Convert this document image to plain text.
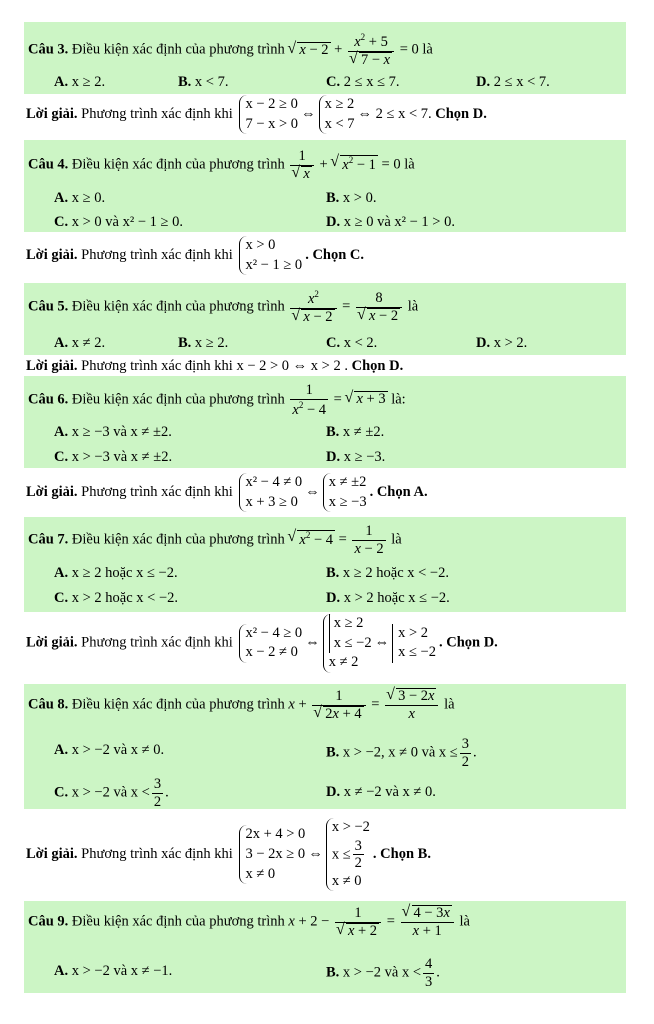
Câu 3. Điều kiện xác định của phương trình √ $x - 2 + x^2 + 5$
√ 7 − x = 0 là
A. x ≥ 2.	B. x < 7.	C. 2 ≤ x ≤ 7.	D. 2 ≤ x < 7.
Lời giải. Phương trình xác định khi
x − 2 ≥ 0
7 − x > 0
⇔
x ≥ 2
x < 7
⇔ 2 ≤ x < 7. Chọn D.
Câu 4. Điều kiện xác định của phương trình 1
√ x + √ $x^2 - 1 = 0$ là
A. x ≥ 0.	B. x > 0.
C. x > 0 và x² − 1 ≥ 0.	D. x ≥ 0 và x² − 1 > 0.
Lời giải. Phương trình xác định khi
x > 0
x² − 1 ≥ 0
. Chọn C.
Câu 5. Điều kiện xác định của phương trình $x^2$
√ x − 2 = 8
√ x − 2 là
A. x ≠ 2.	B. x ≥ 2.	C. x < 2.	D. x > 2.
Lời giải. Phương trình xác định khi x − 2 > 0 ⇔ x > 2 . Chọn D.
Câu 6. Điều kiện xác định của phương trình $\frac{1}{x^2 - 4}$ = √ x + 3 là:
A. x ≥ −3 và x ≠ ±2.	B. x ≠ ±2.
C. x > −3 và x ≠ ±2.	D. x ≥ −3.
Lời giải. Phương trình xác định khi
x² − 4 ≠ 0
x + 3 ≥ 0
⇔
x ≠ ±2
x ≥ −3
. Chọn A.
Câu 7. Điều kiện xác định của phương trình √ $x^2 - 4 = \frac{1}{x - 2}$ là
A. x ≥ 2 hoặc x ≤ −2.	B. x ≥ 2 hoặc x < −2.
C. x > 2 hoặc x < −2.	D. x > 2 hoặc x ≤ −2.
Lời giải. Phương trình xác định khi
x² − 4 ≥ 0
x − 2 ≠ 0
⇔
x ≥ 2
x ≤ −2
x ≠ 2
⇔
x > 2
x ≤ −2
. Chọn D.
Câu 8. Điều kiện xác định của phương trình x + 1
√ 2x + 4 = √ $\frac{3 - 2x}{x}$ là
A. x > −2 và x ≠ 0.	B. x > −2, x ≠ 0 và $x \le \frac{3}{2}$ .
C. x > −2 và $x < \frac{3}{2}$ .	D. x ≠ −2 và x ≠ 0.
Lời giải. Phương trình xác định khi
2x + 4 > 0
3 − 2x ≥ 0
x ≠ 0
⇔
x > −2
$x \le \frac{3}{2}$
x ≠ 0
. Chọn B.
Câu 9. Điều kiện xác định của phương trình x + 2 − 1
√ x + 2 = √ $\frac{4 - 3x}{x + 1}$ là
A. x > −2 và x ≠ −1.	B. x > −2 và $x < \frac{4}{3}$ .
